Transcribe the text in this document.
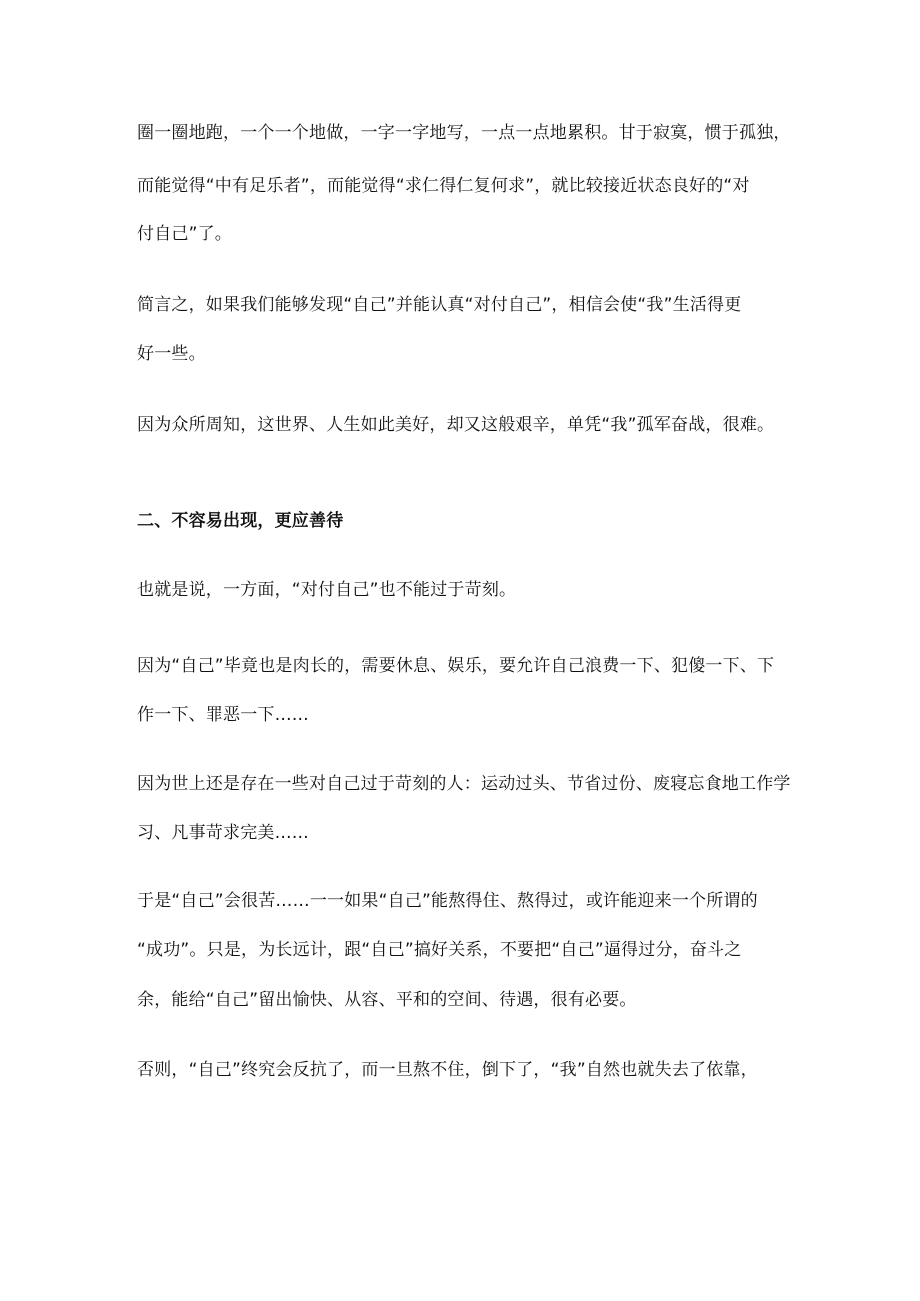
圈一圈地跑，一个一个地做，一字一字地写，一点一点地累积。甘于寂寞，惯于孤独，
而能觉得“中有足乐者”，而能觉得“求仁得仁复何求”，就比较接近状态良好的“对
付自己”了。
简言之，如果我们能够发现“自己”并能认真“对付自己”，相信会使“我”生活得更
好一些。
因为众所周知，这世界、人生如此美好，却又这般艰辛，单凭“我”孤军奋战，很难。
二、不容易出现，更应善待
也就是说，一方面，“对付自己”也不能过于苛刻。
因为“自己”毕竟也是肉长的，需要休息、娱乐，要允许自己浪费一下、犯傻一下、下
作一下、罪恶一下……
因为世上还是存在一些对自己过于苛刻的人：运动过头、节省过份、废寝忘食地工作学
习、凡事苛求完美……
于是“自己”会很苦……一一如果“自己”能熬得住、熬得过，或许能迎来一个所谓的
“成功”。只是，为长远计，跟“自己”搞好关系，不要把“自己”逼得过分，奋斗之
余，能给“自己”留出愉快、从容、平和的空间、待遇，很有必要。
否则，“自己”终究会反抗了，而一旦熬不住，倒下了，“我”自然也就失去了依靠，
